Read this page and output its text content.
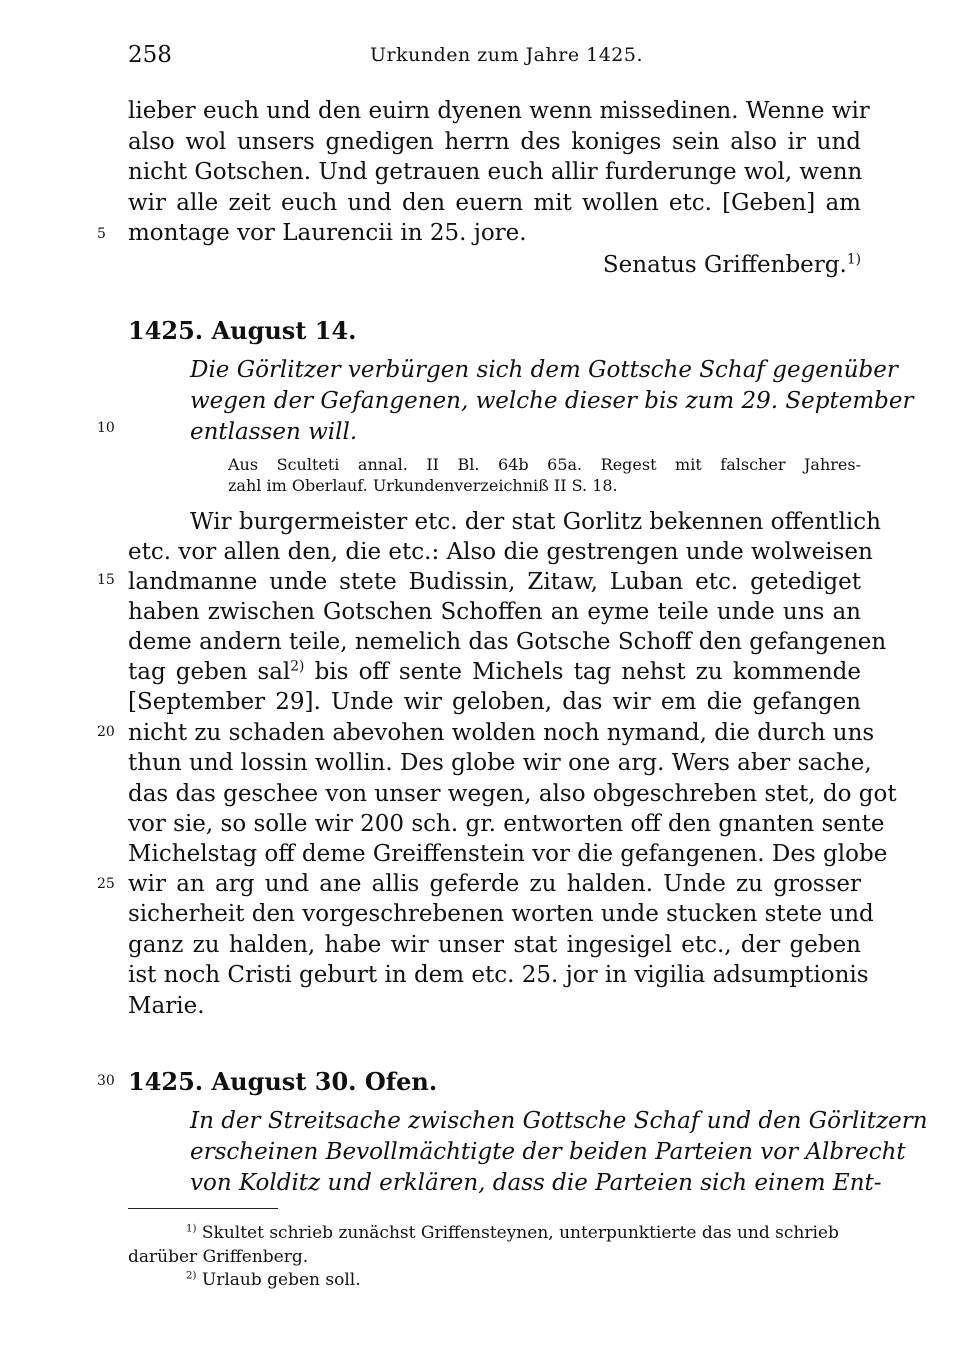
258	Urkunden zum Jahre 1425.
lieber euch und den euirn dyenen wenn missedinen. Wenne wir
also wol unsers gnedigen herrn des koniges sein also ir und
nicht Gotschen. Und getrauen euch allir furderunge wol, wenn
wir alle zeit euch und den euern mit wollen etc. [Geben] am
montage vor Laurencii in 25. jore.
Senatus Griffenberg.$^{1)}$
5
10
15
20
25
30
1425. August 14.
Die Görlitzer verbürgen sich dem Gottsche Schaf gegenüber
wegen der Gefangenen, welche dieser bis zum 29. September
entlassen will.
Aus Sculteti annal. II Bl. 64b 65a. Regest mit falscher Jahres-
zahl im Oberlauf. Urkundenverzeichniß II S. 18.
Wir burgermeister etc. der stat Gorlitz bekennen offentlich
etc. vor allen den, die etc.: Also die gestrengen unde wolweisen
landmanne unde stete Budissin, Zitaw, Luban etc. getediget
haben zwischen Gotschen Schoffen an eyme teile unde uns an
deme andern teile, nemelich das Gotsche Schoff den gefangenen
tag geben sal$^{2)}$ bis off sente Michels tag nehst zu kommende
[September 29]. Unde wir geloben, das wir em die gefangen
nicht zu schaden abevohen wolden noch nymand, die durch uns
thun und lossin wollin. Des globe wir one arg. Wers aber sache,
das das geschee von unser wegen, also obgeschreben stet, do got
vor sie, so solle wir 200 sch. gr. entworten off den gnanten sente
Michelstag off deme Greiffenstein vor die gefangenen. Des globe
wir an arg und ane allis geferde zu halden. Unde zu grosser
sicherheit den vorgeschrebenen worten unde stucken stete und
ganz zu halden, habe wir unser stat ingesigel etc., der geben
ist noch Cristi geburt in dem etc. 25. jor in vigilia adsumptionis
Marie.
1425. August 30. Ofen.
In der Streitsache zwischen Gottsche Schaf und den Görlitzern
erscheinen Bevollmächtigte der beiden Parteien vor Albrecht
von Kolditz und erklären, dass die Parteien sich einem Ent-
$^{1)}$ Skultet schrieb zunächst Griffensteynen, unterpunktierte das und schrieb
darüber Griffenberg.
$^{2)}$ Urlaub geben soll.
